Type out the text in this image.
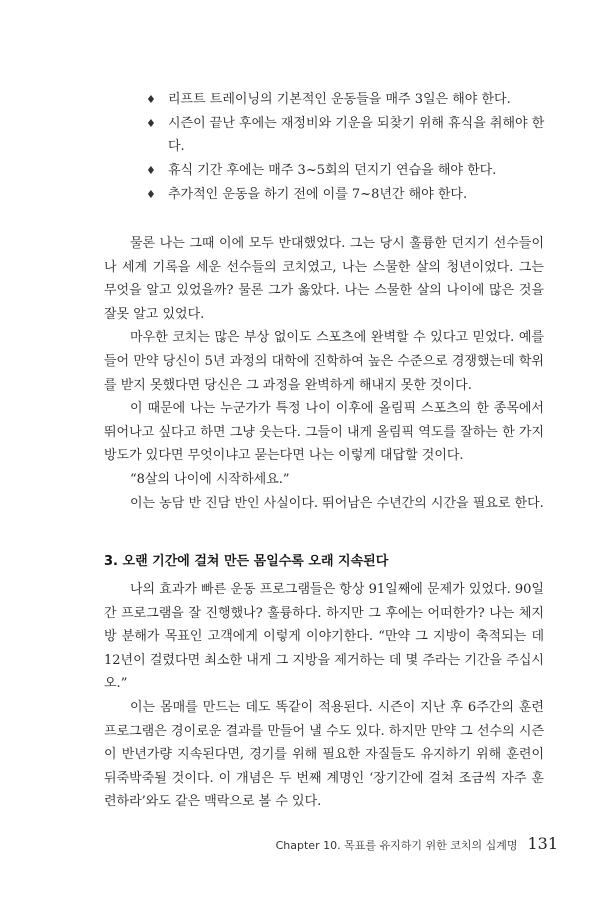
♦ 리프트 트레이닝의 기본적인 운동들을 매주 3일은 해야 한다.
♦ 시즌이 끝난 후에는 재정비와 기운을 되찾기 위해 휴식을 취해야 한다.
♦ 휴식 기간 후에는 매주 3~5회의 던지기 연습을 해야 한다.
♦ 추가적인 운동을 하기 전에 이를 7~8년간 해야 한다.

물론 나는 그때 이에 모두 반대했었다. 그는 당시 훌륭한 던지기 선수들이나 세계 기록을 세운 선수들의 코치였고, 나는 스물한 살의 청년이었다. 그는 무엇을 알고 있었을까? 물론 그가 옳았다. 나는 스물한 살의 나이에 많은 것을 잘못 알고 있었다.

마우한 코치는 많은 부상 없이도 스포츠에 완벽할 수 있다고 믿었다. 예를 들어 만약 당신이 5년 과정의 대학에 진학하여 높은 수준으로 경쟁했는데 학위를 받지 못했다면 당신은 그 과정을 완벽하게 해내지 못한 것이다.

이 때문에 나는 누군가가 특정 나이 이후에 올림픽 스포츠의 한 종목에서 뛰어나고 싶다고 하면 그냥 웃는다. 그들이 내게 올림픽 역도를 잘하는 한 가지 방도가 있다면 무엇이냐고 묻는다면 나는 이렇게 대답할 것이다.

“8살의 나이에 시작하세요.”

이는 농담 반 진담 반인 사실이다. 뛰어남은 수년간의 시간을 필요로 한다.

3. 오랜 기간에 걸쳐 만든 몸일수록 오래 지속된다

나의 효과가 빠른 운동 프로그램들은 항상 91일째에 문제가 있었다. 90일간 프로그램을 잘 진행했나? 훌륭하다. 하지만 그 후에는 어떠한가? 나는 체지방 분해가 목표인 고객에게 이렇게 이야기한다. “만약 그 지방이 축적되는 데 12년이 걸렸다면 최소한 내게 그 지방을 제거하는 데 몇 주라는 기간을 주십시오.”

이는 몸매를 만드는 데도 똑같이 적용된다. 시즌이 지난 후 6주간의 훈련 프로그램은 경이로운 결과를 만들어 낼 수도 있다. 하지만 만약 그 선수의 시즌이 반년가량 지속된다면, 경기를 위해 필요한 자질들도 유지하기 위해 훈련이 뒤죽박죽될 것이다. 이 개념은 두 번째 계명인 ‘장기간에 걸쳐 조금씩 자주 훈련하라’와도 같은 맥락으로 볼 수 있다.

Chapter 10. 목표를 유지하기 위한 코치의 십계명 131
